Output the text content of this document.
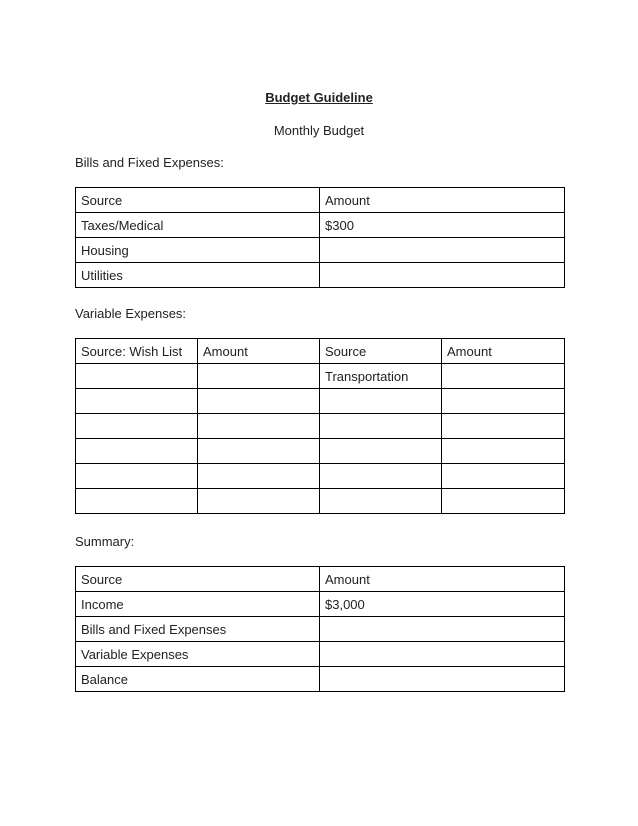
Budget Guideline
Monthly Budget
Bills and Fixed Expenses:
Source	Amount
Taxes/Medical	$300
Housing	
Utilities	
Variable Expenses:
Source: Wish List	Amount	Source	Amount
		Transportation	

Summary:
Source	Amount
Income	$3,000
Bills and Fixed Expenses	
Variable Expenses	
Balance	
